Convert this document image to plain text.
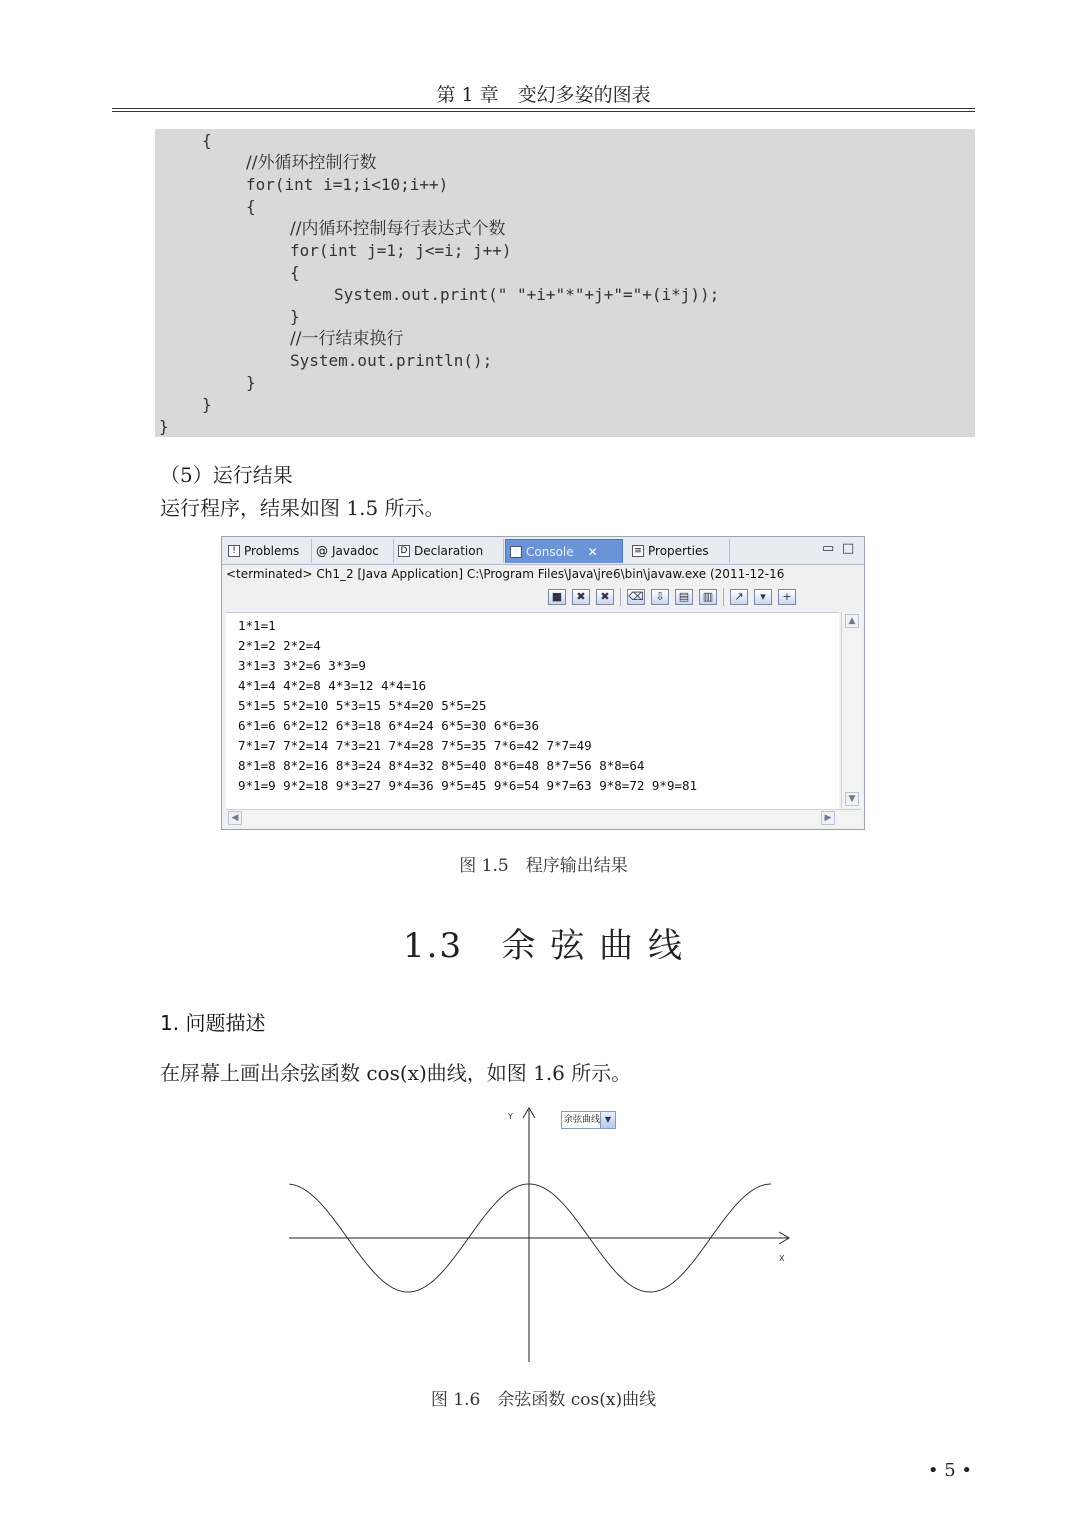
第 1 章　变幻多姿的图表
{
//外循环控制行数
for(int i=1;i<10;i++)
{
//内循环控制每行表达式个数
for(int j=1; j<=i; j++)
{
System.out.print(" "+i+"*"+j+"="+(i*j));
}
//一行结束换行
System.out.println();
}
}
}
（5）运行结果
运行程序，结果如图 1.5 所示。
! Problems @ Javadoc D Declaration	≡ Console ✕	≡ Properties	▭ □
<terminated> Ch1_2 [Java Application] C:\Program Files\Java\jre6\bin\javaw.exe (2011-12-16
■	✖	✖	⌫	⇩	▤	▥	↗	▾	+
1*1=1
2*1=2 2*2=4
3*1=3 3*2=6 3*3=9
4*1=4 4*2=8 4*3=12 4*4=16
5*1=5 5*2=10 5*3=15 5*4=20 5*5=25
6*1=6 6*2=12 6*3=18 6*4=24 6*5=30 6*6=36
7*1=7 7*2=14 7*3=21 7*4=28 7*5=35 7*6=42 7*7=49
8*1=8 8*2=16 8*3=24 8*4=32 8*5=40 8*6=48 8*7=56 8*8=64
9*1=9 9*2=18 9*3=27 9*4=36 9*5=45 9*6=54 9*7=63 9*8=72 9*9=81
▲
▼
◀	▶
图 1.5　程序输出结果
1.3   余 弦 曲 线
1. 问题描述
在屏幕上画出余弦函数 cos(x)曲线，如图 1.6 所示。
Y
X
余弦曲线 ▼
图 1.6　余弦函数 cos(x)曲线
• 5 •
